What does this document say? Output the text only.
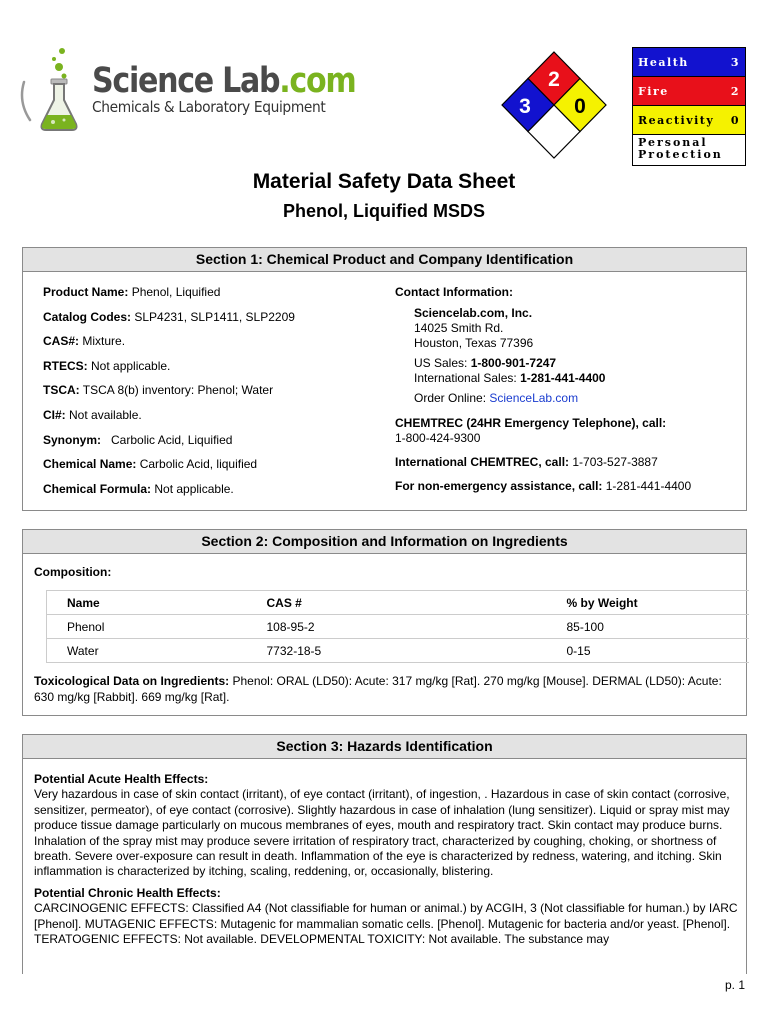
Science Lab.com
Chemicals & Laboratory Equipment
2
3 0
Health	3
Fire	2
Reactivity 0
Personal
Protection
Material Safety Data Sheet
Phenol, Liquified MSDS
Section 1: Chemical Product and Company Identification
Product Name: Phenol, Liquified
Catalog Codes: SLP4231, SLP1411, SLP2209
CAS#: Mixture.
RTECS: Not applicable.
TSCA: TSCA 8(b) inventory: Phenol; Water
CI#: Not available.
Synonym:   Carbolic Acid, Liquified
Chemical Name: Carbolic Acid, liquified
Chemical Formula: Not applicable.
Contact Information:
Sciencelab.com, Inc.
14025 Smith Rd.
Houston, Texas 77396
US Sales: 1-800-901-7247
International Sales: 1-281-441-4400
Order Online: ScienceLab.com
CHEMTREC (24HR Emergency Telephone), call:
1-800-424-9300
International CHEMTREC, call: 1-703-527-3887
For non-emergency assistance, call: 1-281-441-4400
Section 2: Composition and Information on Ingredients
Composition:
Name	CAS #	% by Weight
Phenol	108-95-2	85-100
Water	7732-18-5	0-15
Toxicological Data on Ingredients: Phenol: ORAL (LD50): Acute: 317 mg/kg [Rat]. 270 mg/kg [Mouse]. DERMAL (LD50): Acute: 630 mg/kg [Rabbit]. 669 mg/kg [Rat].
Section 3: Hazards Identification

Potential Acute Health Effects:
Very hazardous in case of skin contact (irritant), of eye contact (irritant), of ingestion, . Hazardous in case of skin contact (corrosive, sensitizer, permeator), of eye contact (corrosive). Slightly hazardous in case of inhalation (lung sensitizer). Liquid or spray mist may produce tissue damage particularly on mucous membranes of eyes, mouth and respiratory tract. Skin contact may produce burns. Inhalation of the spray mist may produce severe irritation of respiratory tract, characterized by coughing, choking, or shortness of breath. Severe over-exposure can result in death. Inflammation of the eye is characterized by redness, watering, and itching. Skin inflammation is characterized by itching, scaling, reddening, or, occasionally, blistering.

Potential Chronic Health Effects:
CARCINOGENIC EFFECTS: Classified A4 (Not classifiable for human or animal.) by ACGIH, 3 (Not classifiable for human.) by IARC [Phenol]. MUTAGENIC EFFECTS: Mutagenic for mammalian somatic cells. [Phenol]. Mutagenic for bacteria and/or yeast. [Phenol]. TERATOGENIC EFFECTS: Not available. DEVELOPMENTAL TOXICITY: Not available. The substance may

p. 1
